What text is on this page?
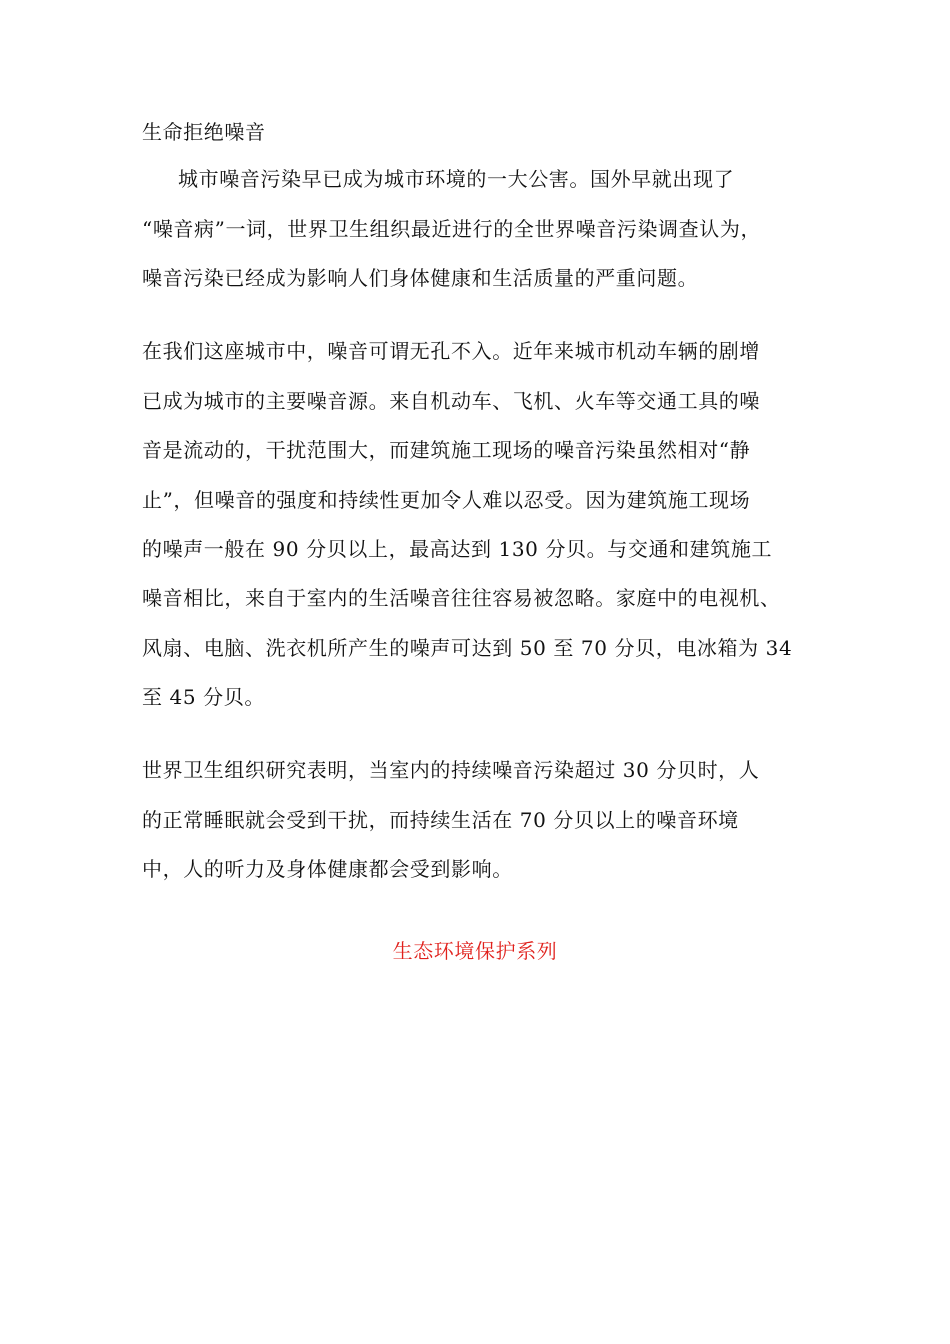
生命拒绝噪音
城市噪音污染早已成为城市环境的一大公害。国外早就出现了
“噪音病”一词，世界卫生组织最近进行的全世界噪音污染调查认为，
噪音污染已经成为影响人们身体健康和生活质量的严重问题。
在我们这座城市中，噪音可谓无孔不入。近年来城市机动车辆的剧增
已成为城市的主要噪音源。来自机动车、飞机、火车等交通工具的噪
音是流动的，干扰范围大，而建筑施工现场的噪音污染虽然相对“静
止”，但噪音的强度和持续性更加令人难以忍受。因为建筑施工现场
的噪声一般在 90 分贝以上，最高达到 130 分贝。与交通和建筑施工
噪音相比，来自于室内的生活噪音往往容易被忽略。家庭中的电视机、
风扇、电脑、洗衣机所产生的噪声可达到 50 至 70 分贝，电冰箱为 34
至 45 分贝。
世界卫生组织研究表明，当室内的持续噪音污染超过 30 分贝时，人
的正常睡眠就会受到干扰，而持续生活在 70 分贝以上的噪音环境
中，人的听力及身体健康都会受到影响。
生态环境保护系列
